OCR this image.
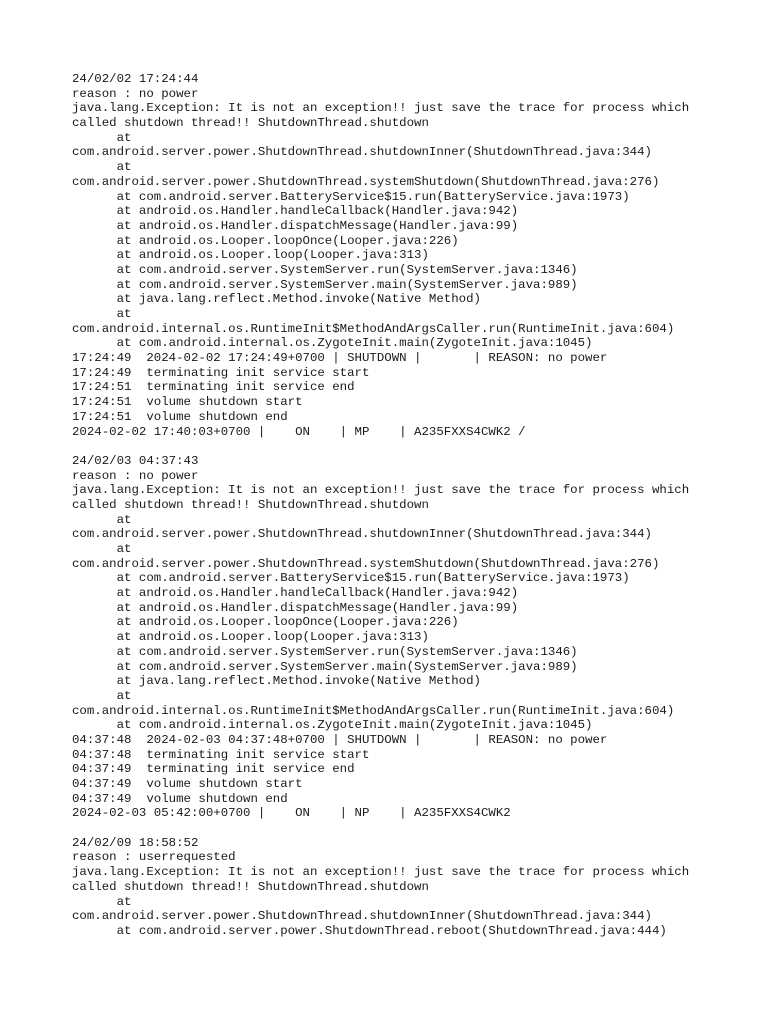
24/02/02 17:24:44
reason : no power
java.lang.Exception: It is not an exception!! just save the trace for process which
called shutdown thread!! ShutdownThread.shutdown
at
com.android.server.power.ShutdownThread.shutdownInner(ShutdownThread.java:344)
at
com.android.server.power.ShutdownThread.systemShutdown(ShutdownThread.java:276)
at com.android.server.BatteryService$15.run(BatteryService.java:1973)
at android.os.Handler.handleCallback(Handler.java:942)
at android.os.Handler.dispatchMessage(Handler.java:99)
at android.os.Looper.loopOnce(Looper.java:226)
at android.os.Looper.loop(Looper.java:313)
at com.android.server.SystemServer.run(SystemServer.java:1346)
at com.android.server.SystemServer.main(SystemServer.java:989)
at java.lang.reflect.Method.invoke(Native Method)
at
com.android.internal.os.RuntimeInit$MethodAndArgsCaller.run(RuntimeInit.java:604)
at com.android.internal.os.ZygoteInit.main(ZygoteInit.java:1045)
17:24:49  2024-02-02 17:24:49+0700 | SHUTDOWN |       | REASON: no power
17:24:49  terminating init service start
17:24:51  terminating init service end
17:24:51  volume shutdown start
17:24:51  volume shutdown end
2024-02-02 17:40:03+0700 |    ON    | MP    | A235FXXS4CWK2 /
24/02/03 04:37:43
reason : no power
java.lang.Exception: It is not an exception!! just save the trace for process which
called shutdown thread!! ShutdownThread.shutdown
at
com.android.server.power.ShutdownThread.shutdownInner(ShutdownThread.java:344)
at
com.android.server.power.ShutdownThread.systemShutdown(ShutdownThread.java:276)
at com.android.server.BatteryService$15.run(BatteryService.java:1973)
at android.os.Handler.handleCallback(Handler.java:942)
at android.os.Handler.dispatchMessage(Handler.java:99)
at android.os.Looper.loopOnce(Looper.java:226)
at android.os.Looper.loop(Looper.java:313)
at com.android.server.SystemServer.run(SystemServer.java:1346)
at com.android.server.SystemServer.main(SystemServer.java:989)
at java.lang.reflect.Method.invoke(Native Method)
at
com.android.internal.os.RuntimeInit$MethodAndArgsCaller.run(RuntimeInit.java:604)
at com.android.internal.os.ZygoteInit.main(ZygoteInit.java:1045)
04:37:48  2024-02-03 04:37:48+0700 | SHUTDOWN |       | REASON: no power
04:37:48  terminating init service start
04:37:49  terminating init service end
04:37:49  volume shutdown start
04:37:49  volume shutdown end
2024-02-03 05:42:00+0700 |    ON    | NP    | A235FXXS4CWK2
24/02/09 18:58:52
reason : userrequested
java.lang.Exception: It is not an exception!! just save the trace for process which
called shutdown thread!! ShutdownThread.shutdown
at
com.android.server.power.ShutdownThread.shutdownInner(ShutdownThread.java:344)
at com.android.server.power.ShutdownThread.reboot(ShutdownThread.java:444)
